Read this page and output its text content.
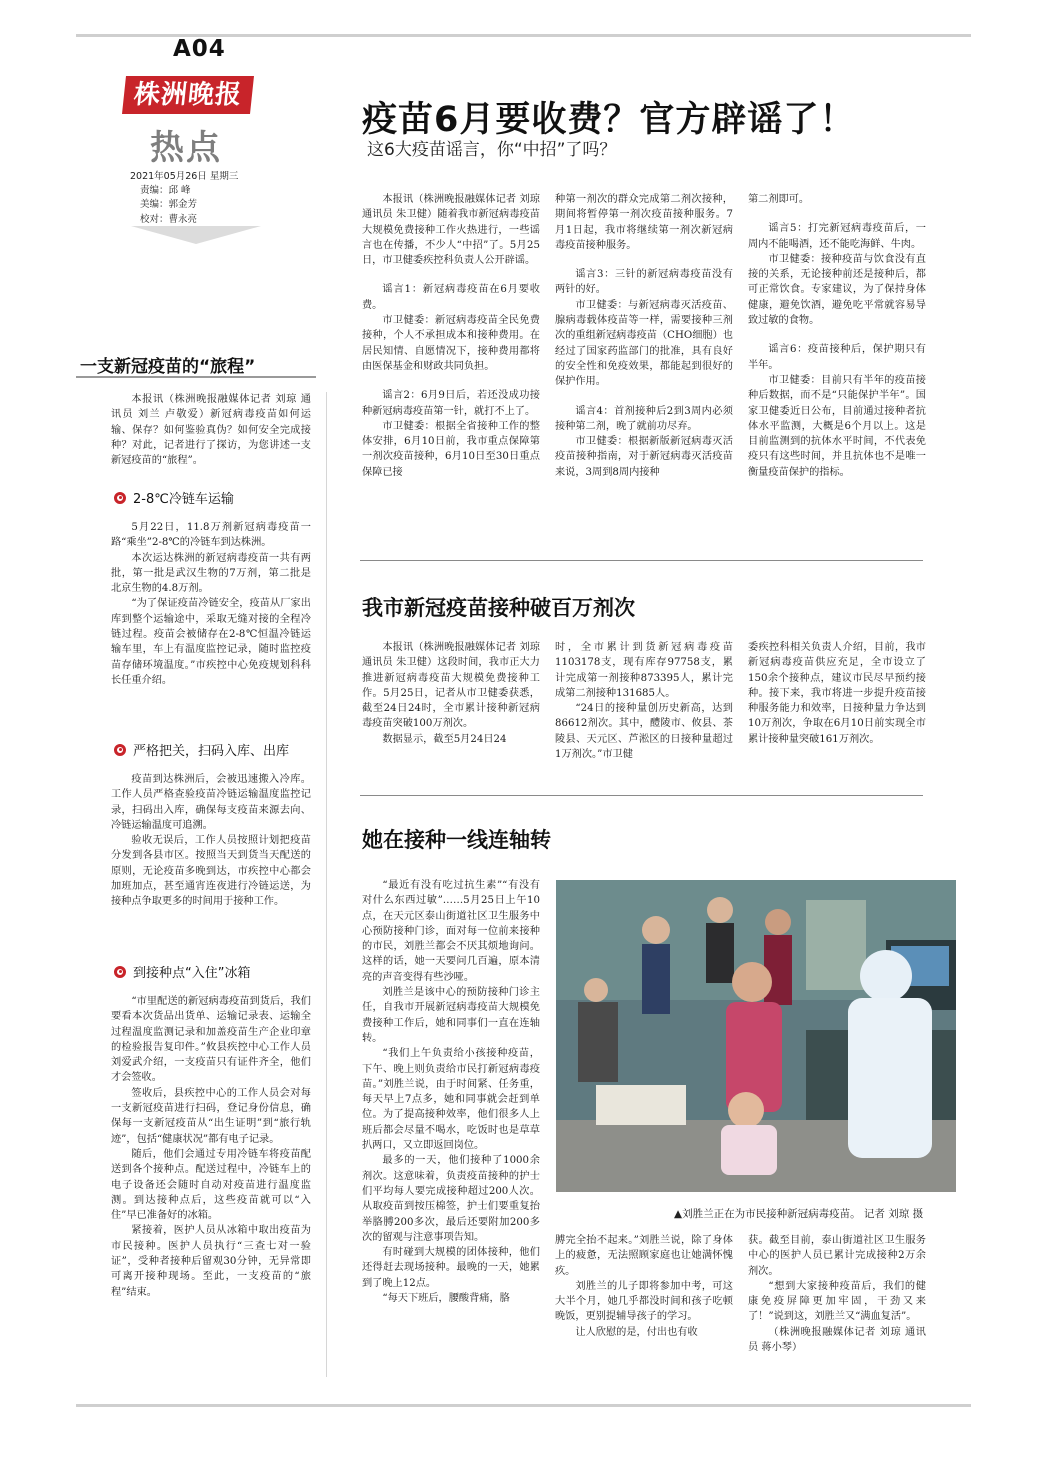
A04
株洲晚报
热点
2021年05月26日 星期三
责编：邱 峰
美编：郭金芳
校对：曹永亮
疫苗6月要收费？官方辟谣了！
这6大疫苗谣言，你“中招”了吗？

本报讯（株洲晚报融媒体记者 刘琼 通讯员 朱卫健）随着我市新冠病毒疫苗大规模免费接种工作火热进行，一些谣言也在传播，不少人“中招”了。5月25日，市卫健委疾控科负责人公开辟谣。

谣言1：新冠病毒疫苗在6月要收费。

市卫健委：新冠病毒疫苗全民免费接种，个人不承担成本和接种费用。在居民知情、自愿情况下，接种费用都将由医保基金和财政共同负担。

谣言2：6月9日后，若还没成功接种新冠病毒疫苗第一针，就打不上了。

市卫健委：根据全省接种工作的整体安排，6月10日前，我市重点保障第一剂次疫苗接种，6月10日至30日重点保障已接

种第一剂次的群众完成第二剂次接种，期间将暂停第一剂次疫苗接种服务。7月1日起，我市将继续第一剂次新冠病毒疫苗接种服务。

谣言3：三针的新冠病毒疫苗没有两针的好。

市卫健委：与新冠病毒灭活疫苗、腺病毒载体疫苗等一样，需要接种三剂次的重组新冠病毒疫苗（CHO细胞）也经过了国家药监部门的批准，具有良好的安全性和免疫效果，都能起到很好的保护作用。

谣言4：首剂接种后2到3周内必须接种第二剂，晚了就前功尽弃。

市卫健委：根据新版新冠病毒灭活疫苗接种指南，对于新冠病毒灭活疫苗来说，3周到8周内接种

第二剂即可。

谣言5：打完新冠病毒疫苗后，一周内不能喝酒，还不能吃海鲜、牛肉。

市卫健委：接种疫苗与饮食没有直接的关系，无论接种前还是接种后，都可正常饮食。专家建议，为了保持身体健康，避免饮酒，避免吃平常就容易导致过敏的食物。

谣言6：疫苗接种后，保护期只有半年。

市卫健委：目前只有半年的疫苗接种后数据，而不是“只能保护半年”。国家卫健委近日公布，目前通过接种者抗体水平监测，大概是6个月以上。这是目前监测到的抗体水平时间，不代表免疫只有这些时间，并且抗体也不是唯一衡量疫苗保护的指标。

我市新冠疫苗接种破百万剂次

本报讯（株洲晚报融媒体记者 刘琼 通讯员 朱卫健）这段时间，我市正大力推进新冠病毒疫苗大规模免费接种工作。5月25日，记者从市卫健委获悉，截至24日24时，全市累计接种新冠病毒疫苗突破100万剂次。

数据显示，截至5月24日24

时，全市累计到货新冠病毒疫苗1103178支，现有库存97758支，累计完成第一剂接种873395人，累计完成第二剂接种131685人。

“24日的接种量创历史新高，达到86612剂次。其中，醴陵市、攸县、茶陵县、天元区、芦淞区的日接种量超过1万剂次。”市卫健

委疾控科相关负责人介绍，目前，我市新冠病毒疫苗供应充足，全市设立了150余个接种点，建议市民尽早预约接种。接下来，我市将进一步提升疫苗接种服务能力和效率，日接种量力争达到10万剂次，争取在6月10日前实现全市累计接种量突破161万剂次。

她在接种一线连轴转

“最近有没有吃过抗生素”“有没有对什么东西过敏”……5月25日上午10点，在天元区泰山街道社区卫生服务中心预防接种门诊，面对每一位前来接种的市民，刘胜兰都会不厌其烦地询问。这样的话，她一天要问几百遍，原本清亮的声音变得有些沙哑。

刘胜兰是该中心的预防接种门诊主任，自我市开展新冠病毒疫苗大规模免费接种工作后，她和同事们一直在连轴转。

“我们上午负责给小孩接种疫苗，下午、晚上则负责给市民打新冠病毒疫苗。”刘胜兰说，由于时间紧、任务重，每天早上7点多，她和同事就会赶到单位。为了提高接种效率，他们很多人上班后都会尽量不喝水，吃饭时也是草草扒两口，又立即返回岗位。

最多的一天，他们接种了1000余剂次。这意味着，负责疫苗接种的护士们平均每人要完成接种超过200人次。从取疫苗到按压棉签，护士们要重复抬举胳膊200多次，最后还要附加200多次的留观与注意事项告知。

有时碰到大规模的团体接种，他们还得赶去现场接种。最晚的一天，她累到了晚上12点。

“每天下班后，腰酸背痛，胳

▲刘胜兰正在为市民接种新冠病毒疫苗。 记者 刘琼 摄

膊完全抬不起来。”刘胜兰说，除了身体上的疲惫，无法照顾家庭也让她满怀愧疚。

刘胜兰的儿子即将参加中考，可这大半个月，她几乎都没时间和孩子吃顿晚饭，更别提辅导孩子的学习。

让人欣慰的是，付出也有收

获。截至目前，泰山街道社区卫生服务中心的医护人员已累计完成接种2万余剂次。

“想到大家接种疫苗后，我们的健康免疫屏障更加牢固，干劲又来了！”说到这，刘胜兰又“满血复活”。

（株洲晚报融媒体记者 刘琼 通讯员 蒋小琴）

一支新冠疫苗的“旅程”

本报讯（株洲晚报融媒体记者 刘琼 通讯员 刘兰 卢敬爱）新冠病毒疫苗如何运输、保存？如何鉴验真伪？如何安全完成接种？对此，记者进行了探访，为您讲述一支新冠疫苗的“旅程”。

2-8℃冷链车运输

5月22日，11.8万剂新冠病毒疫苗一路“乘坐”2-8℃的冷链车到达株洲。

本次运达株洲的新冠病毒疫苗一共有两批，第一批是武汉生物的7万剂，第二批是北京生物的4.8万剂。

“为了保证疫苗冷链安全，疫苗从厂家出库到整个运输途中，采取无缝对接的全程冷链过程。疫苗会被储存在2-8℃恒温冷链运输车里，车上有温度监控记录，随时监控疫苗存储环境温度。”市疾控中心免疫规划科科长任重介绍。

严格把关，扫码入库、出库

疫苗到达株洲后，会被迅速搬入冷库。工作人员严格查验疫苗冷链运输温度监控记录，扫码出入库，确保每支疫苗来源去向、冷链运输温度可追溯。

验收无误后，工作人员按照计划把疫苗分发到各县市区。按照当天到货当天配送的原则，无论疫苗多晚到达，市疾控中心都会加班加点，甚至通宵连夜进行冷链运送，为接种点争取更多的时间用于接种工作。

到接种点“入住”冰箱

“市里配送的新冠病毒疫苗到货后，我们要看本次货品出货单、运输记录表、运输全过程温度监测记录和加盖疫苗生产企业印章的检验报告复印件。”攸县疾控中心工作人员刘爱武介绍，一支疫苗只有证件齐全，他们才会签收。

签收后，县疾控中心的工作人员会对每一支新冠疫苗进行扫码，登记身份信息，确保每一支新冠疫苗从“出生证明”到“旅行轨迹”，包括“健康状况”都有电子记录。

随后，他们会通过专用冷链车将疫苗配送到各个接种点。配送过程中，冷链车上的电子设备还会随时自动对疫苗进行温度监测。到达接种点后，这些疫苗就可以“入住”早已准备好的冰箱。

紧接着，医护人员从冰箱中取出疫苗为市民接种。医护人员执行“三查七对一验证”，受种者接种后留观30分钟，无异常即可离开接种现场。至此，一支疫苗的“旅程”结束。
